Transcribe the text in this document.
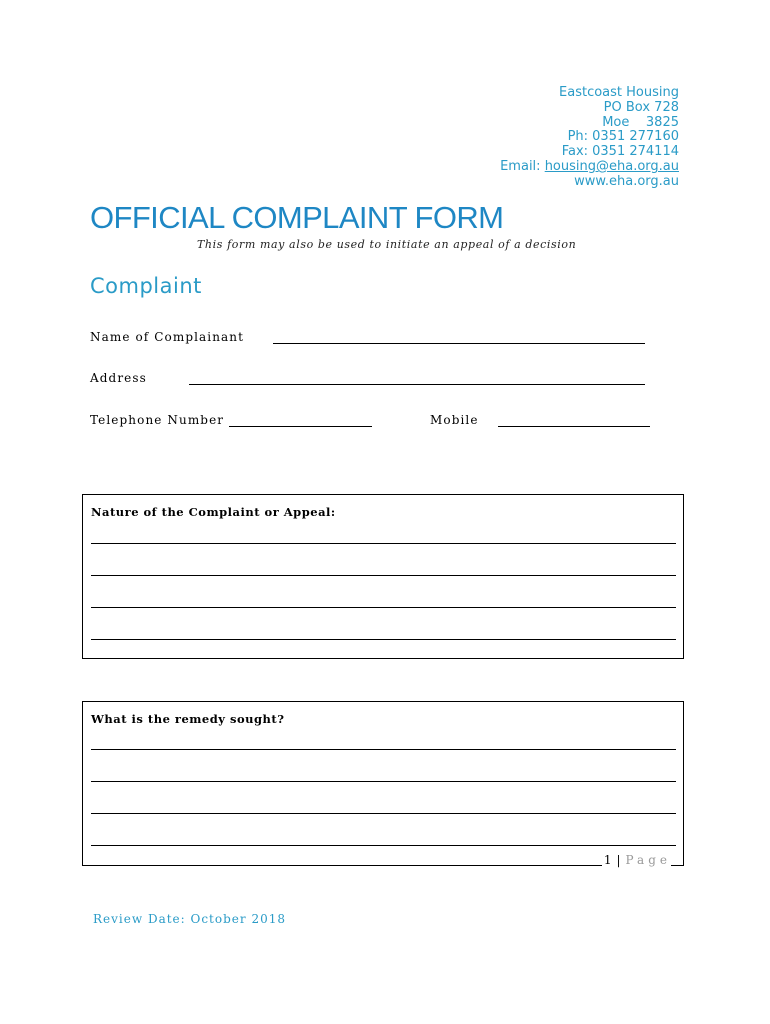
Eastcoast Housing
PO Box 728
Moe    3825
Ph: 0351 277160
Fax: 0351 274114
Email: housing@eha.org.au
www.eha.org.au
OFFICIAL COMPLAINT FORM
This form may also be used to initiate an appeal of a decision
Complaint
Name of Complainant
Address
Telephone Number	Mobile
Nature of the Complaint or Appeal:
What is the remedy sought?
1 | Page
Review Date: October 2018
